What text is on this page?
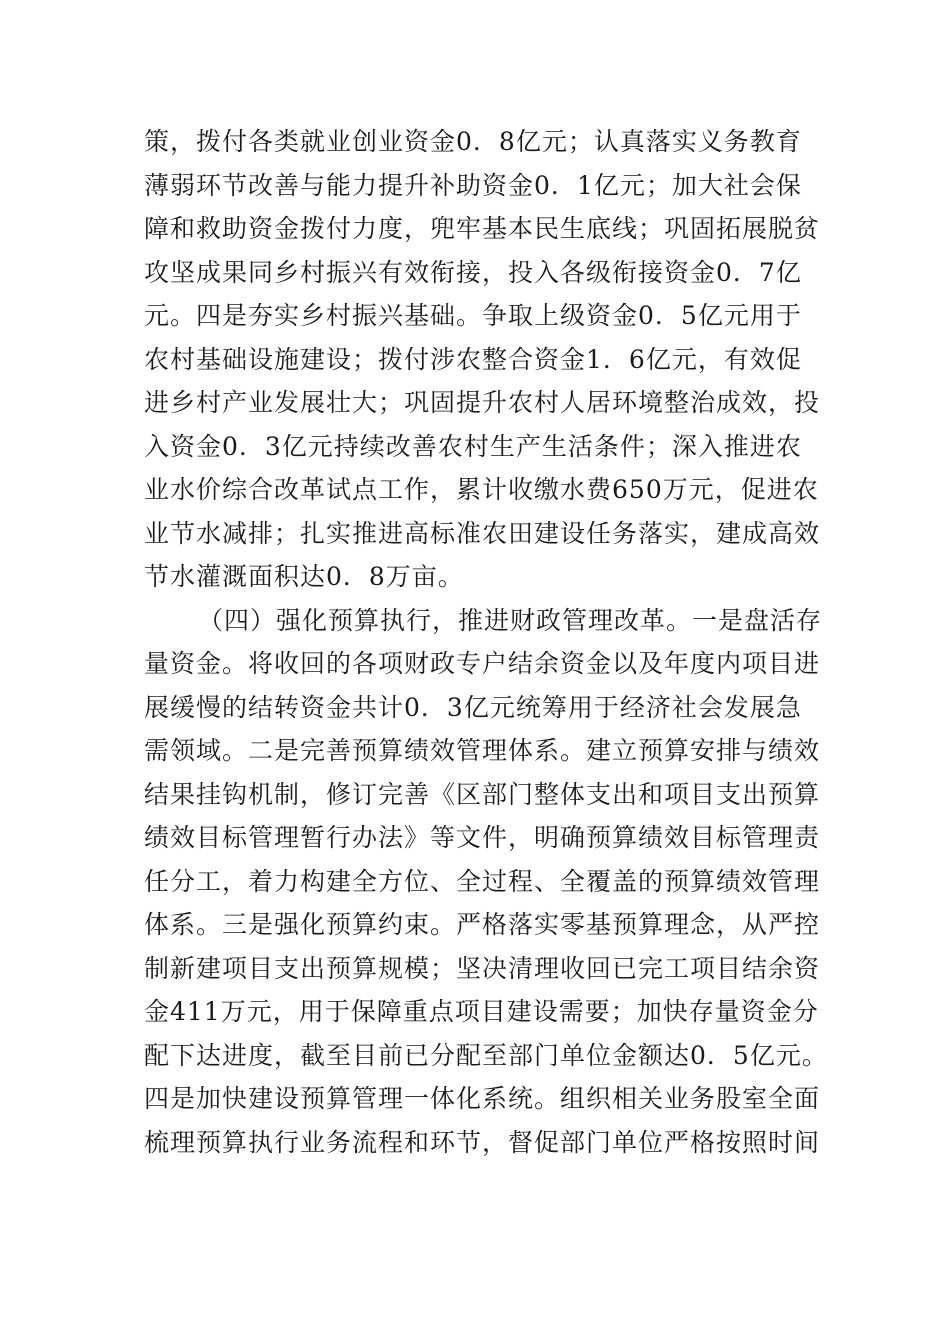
策，拨付各类就业创业资金0．8亿元；认真落实义务教育
薄弱环节改善与能力提升补助资金0．1亿元；加大社会保
障和救助资金拨付力度，兜牢基本民生底线；巩固拓展脱贫
攻坚成果同乡村振兴有效衔接，投入各级衔接资金0．7亿
元。四是夯实乡村振兴基础。争取上级资金0．5亿元用于
农村基础设施建设；拨付涉农整合资金1．6亿元，有效促
进乡村产业发展壮大；巩固提升农村人居环境整治成效，投
入资金0．3亿元持续改善农村生产生活条件；深入推进农
业水价综合改革试点工作，累计收缴水费650万元，促进农
业节水减排；扎实推进高标准农田建设任务落实，建成高效
节水灌溉面积达0．8万亩。
（四）强化预算执行，推进财政管理改革。一是盘活存
量资金。将收回的各项财政专户结余资金以及年度内项目进
展缓慢的结转资金共计0．3亿元统筹用于经济社会发展急
需领域。二是完善预算绩效管理体系。建立预算安排与绩效
结果挂钩机制，修订完善《区部门整体支出和项目支出预算
绩效目标管理暂行办法》等文件，明确预算绩效目标管理责
任分工，着力构建全方位、全过程、全覆盖的预算绩效管理
体系。三是强化预算约束。严格落实零基预算理念，从严控
制新建项目支出预算规模；坚决清理收回已完工项目结余资
金411万元，用于保障重点项目建设需要；加快存量资金分
配下达进度，截至目前已分配至部门单位金额达0．5亿元。
四是加快建设预算管理一体化系统。组织相关业务股室全面
梳理预算执行业务流程和环节，督促部门单位严格按照时间
